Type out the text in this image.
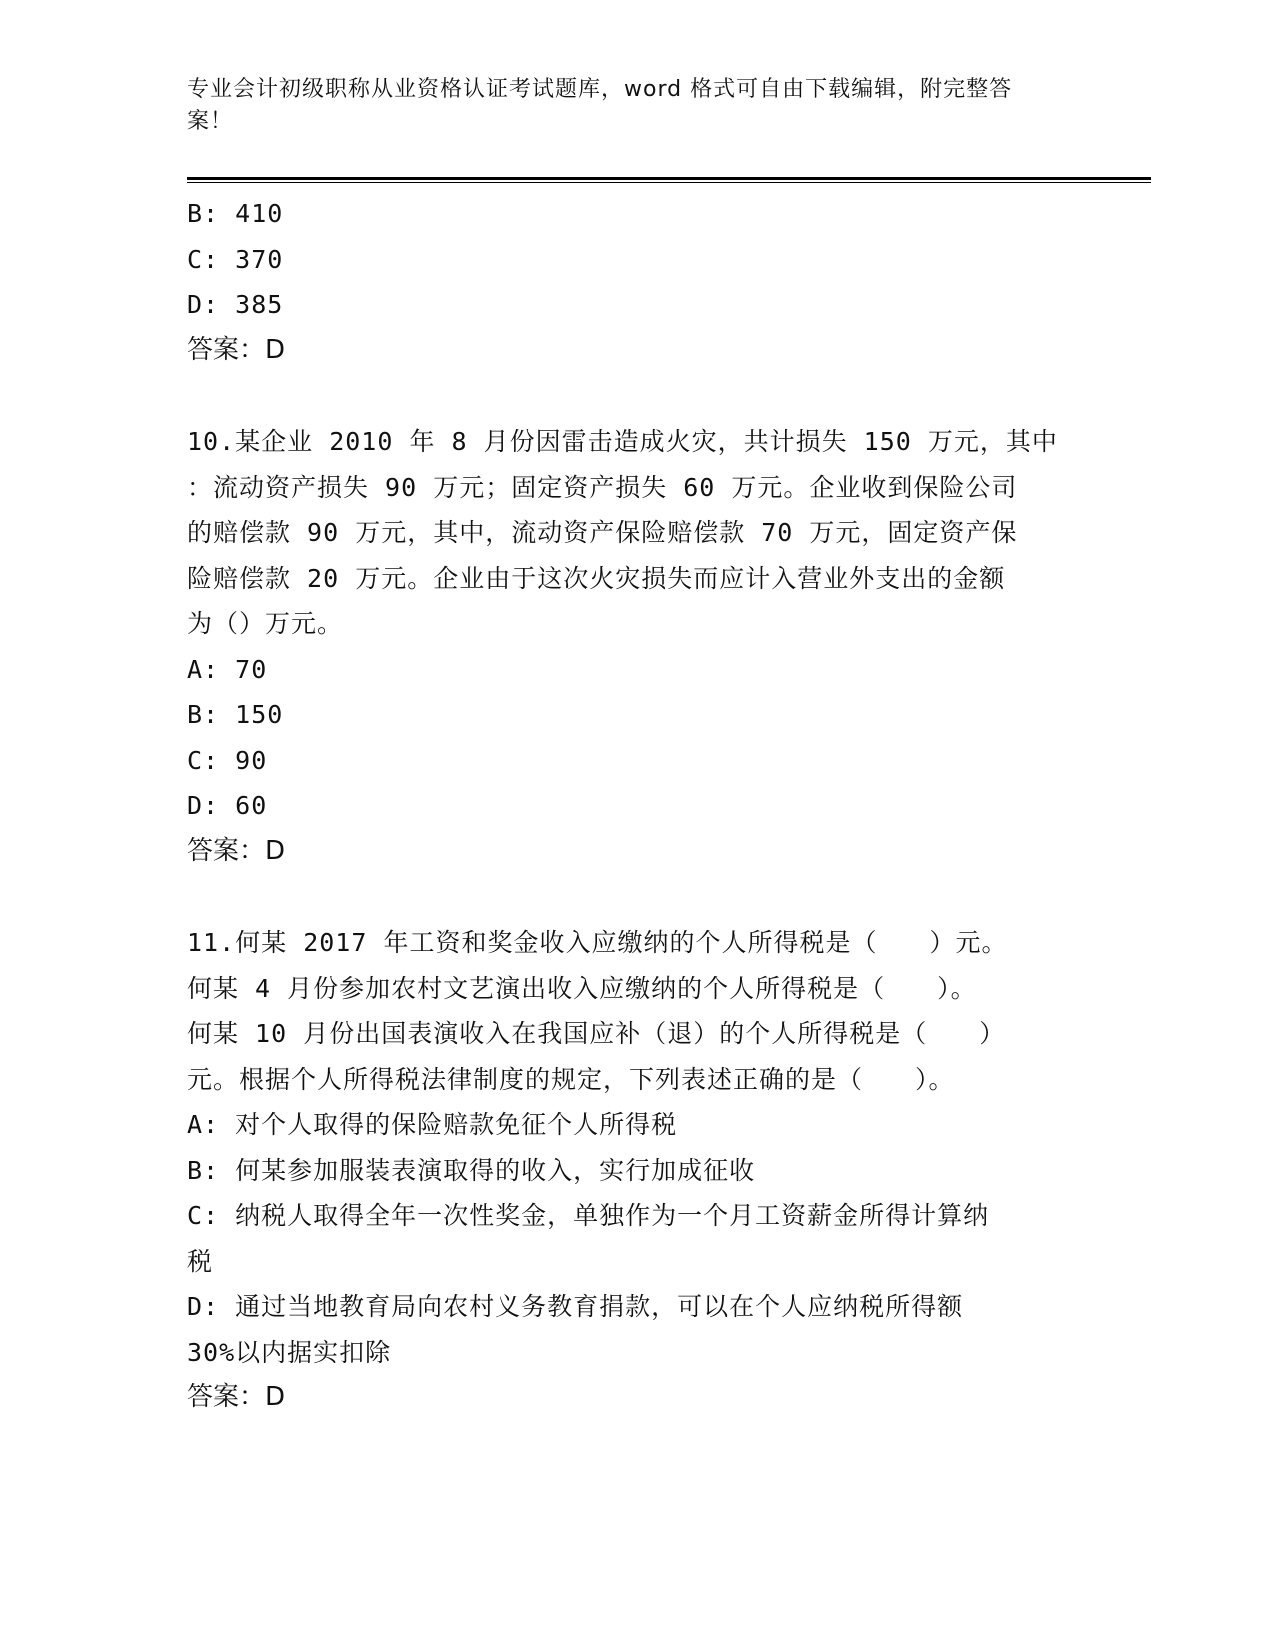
专业会计初级职称从业资格认证考试题库，word 格式可自由下载编辑，附完整答
案！
B: 410
C: 370
D: 385
答案：D
10.某企业 2010 年 8 月份因雷击造成火灾，共计损失 150 万元，其中
：流动资产损失 90 万元；固定资产损失 60 万元。企业收到保险公司
的赔偿款 90 万元，其中，流动资产保险赔偿款 70 万元，固定资产保
险赔偿款 20 万元。企业由于这次火灾损失而应计入营业外支出的金额
为（）万元。
A: 70
B: 150
C: 90
D: 60
答案：D
11.何某 2017 年工资和奖金收入应缴纳的个人所得税是（　　）元。
何某 4 月份参加农村文艺演出收入应缴纳的个人所得税是（　　）。
何某 10 月份出国表演收入在我国应补（退）的个人所得税是（　　）
元。根据个人所得税法律制度的规定，下列表述正确的是（　　）。
A: 对个人取得的保险赔款免征个人所得税
B: 何某参加服装表演取得的收入，实行加成征收
C: 纳税人取得全年一次性奖金，单独作为一个月工资薪金所得计算纳
税
D: 通过当地教育局向农村义务教育捐款，可以在个人应纳税所得额
30%以内据实扣除
答案：D
